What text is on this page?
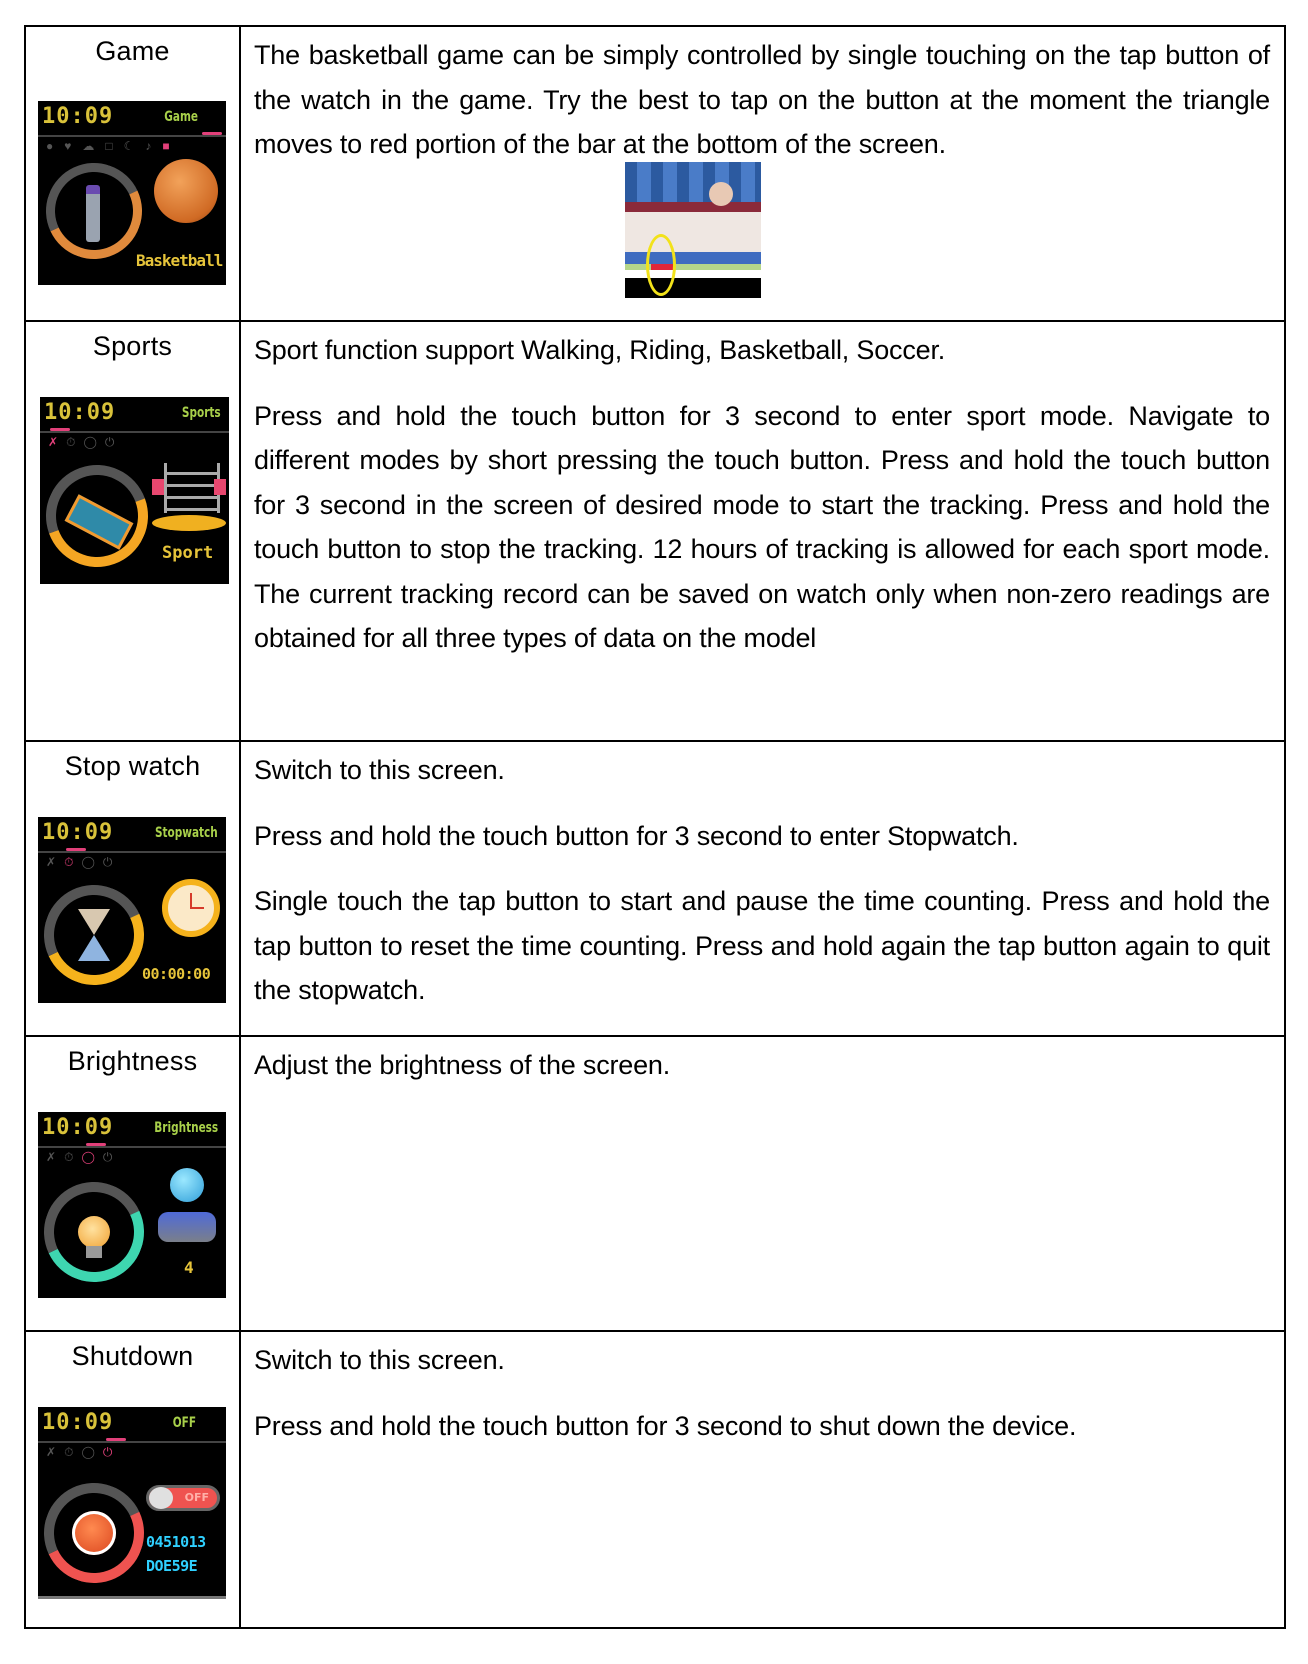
Game
10:09	Game
●♥☁□☾♪■
Basketball

The basketball game can be simply controlled by single touching on the tap button of the watch in the game. Try the best to tap on the button at the moment the triangle moves to red portion of the bar at the bottom of the screen.

Sports
10:09	Sports
✗⏱◯⏻
Sport

Sport function support Walking, Riding, Basketball, Soccer.

Press and hold the touch button for 3 second to enter sport mode. Navigate to different modes by short pressing the touch button. Press and hold the touch button for 3 second in the screen of desired mode to start the tracking. Press and hold the touch button to stop the tracking. 12 hours of tracking is allowed for each sport mode. The current tracking record can be saved on watch only when non-zero readings are obtained for all three types of data on the model

Stop watch
10:09	Stopwatch
✗⏱◯⏻
00:00:00

Switch to this screen.

Press and hold the touch button for 3 second to enter Stopwatch.

Single touch the tap button to start and pause the time counting. Press and hold the tap button to reset the time counting. Press and hold again the tap button again to quit the stopwatch.

Brightness
10:09	Brightness
✗⏱◯⏻
4

Adjust the brightness of the screen.

Shutdown
10:09	OFF
✗⏱◯⏻
OFF
0451013
DOE59E

Switch to this screen.

Press and hold the touch button for 3 second to shut down the device.
